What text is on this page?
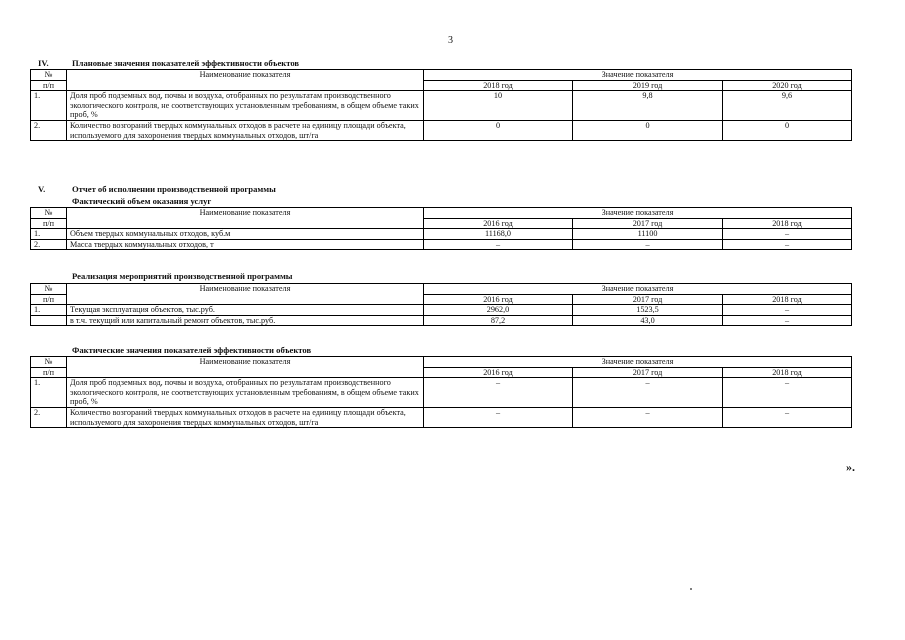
3
IV.	Плановые значения показателей эффективности объектов
№	Наименование показателя	Значение показателя		
п/п		2018 год	2019 год	2020 год
1.	Доля проб подземных вод, почвы и воздуха, отобранных по результатам производственного экологического контроля, не соответствующих установленным требованиям, в общем объеме таких проб, %	10	9,8	9,6
2.	Количество возгораний твердых коммунальных отходов в расчете на единицу площади объекта, используемого для захоронения твердых коммунальных отходов, шт/га	0	0	0
V.	Отчет об исполнении производственной программы
Фактический объем оказания услуг
№	Наименование показателя	Значение показателя		
п/п		2016 год	2017 год	2018 год
1.	Объем твердых коммунальных отходов, куб.м	11168,0	11100	–
2.	Масса твердых коммунальных отходов, т	–	–	–
Реализация мероприятий производственной программы
№	Наименование показателя	Значение показателя		
п/п		2016 год	2017 год	2018 год
1.	Текущая эксплуатация объектов, тыс.руб.	2962,0	1523,5	–
	в т.ч. текущий или капитальный ремонт объектов, тыс.руб.	87,2	43,0	–
Фактические значения показателей эффективности объектов
№	Наименование показателя	Значение показателя		
п/п		2016 год	2017 год	2018 год
1.	Доля проб подземных вод, почвы и воздуха, отобранных по результатам производственного экологического контроля, не соответствующих установленным требованиям, в общем объеме таких проб, %	–	–	–
2.	Количество возгораний твердых коммунальных отходов в расчете на единицу площади объекта, используемого для захоронения твердых коммунальных отходов, шт/га	–	–	–
».
